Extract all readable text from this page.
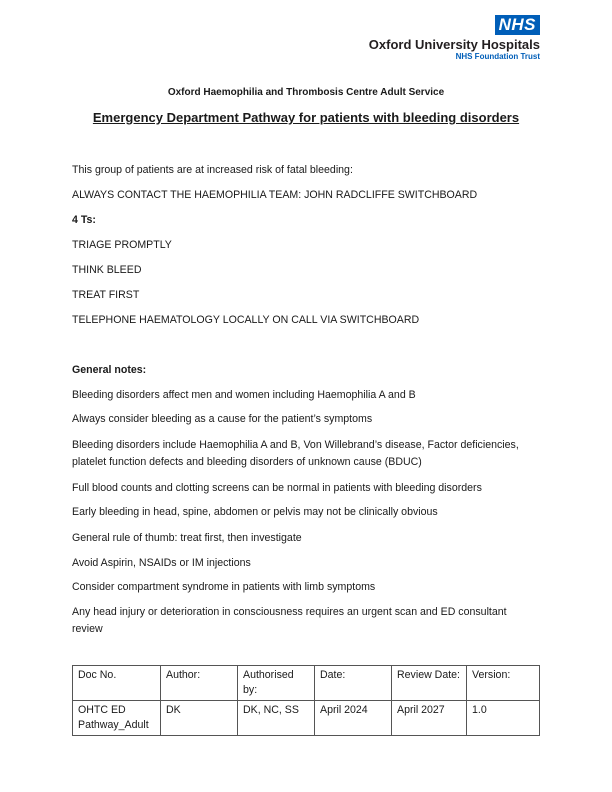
NHS
Oxford University Hospitals
NHS Foundation Trust
Oxford Haemophilia and Thrombosis Centre Adult Service
Emergency Department Pathway for patients with bleeding disorders

This group of patients are at increased risk of fatal bleeding:

ALWAYS CONTACT THE HAEMOPHILIA TEAM: JOHN RADCLIFFE SWITCHBOARD

4 Ts:

TRIAGE PROMPTLY

THINK BLEED

TREAT FIRST

TELEPHONE HAEMATOLOGY LOCALLY ON CALL VIA SWITCHBOARD

General notes:

Bleeding disorders affect men and women including Haemophilia A and B

Always consider bleeding as a cause for the patient’s symptoms

Bleeding disorders include Haemophilia A and B, Von Willebrand’s disease, Factor deficiencies, platelet function defects and bleeding disorders of unknown cause (BDUC)

Full blood counts and clotting screens can be normal in patients with bleeding disorders

Early bleeding in head, spine, abdomen or pelvis may not be clinically obvious

General rule of thumb: treat first, then investigate

Avoid Aspirin, NSAIDs or IM injections

Consider compartment syndrome in patients with limb symptoms

Any head injury or deterioration in consciousness requires an urgent scan and ED consultant review

Doc No.	Author:	Authorised by:	Date:	Review Date:	Version:
OHTC ED Pathway_Adult	DK	DK, NC, SS	April 2024	April 2027	1.0
